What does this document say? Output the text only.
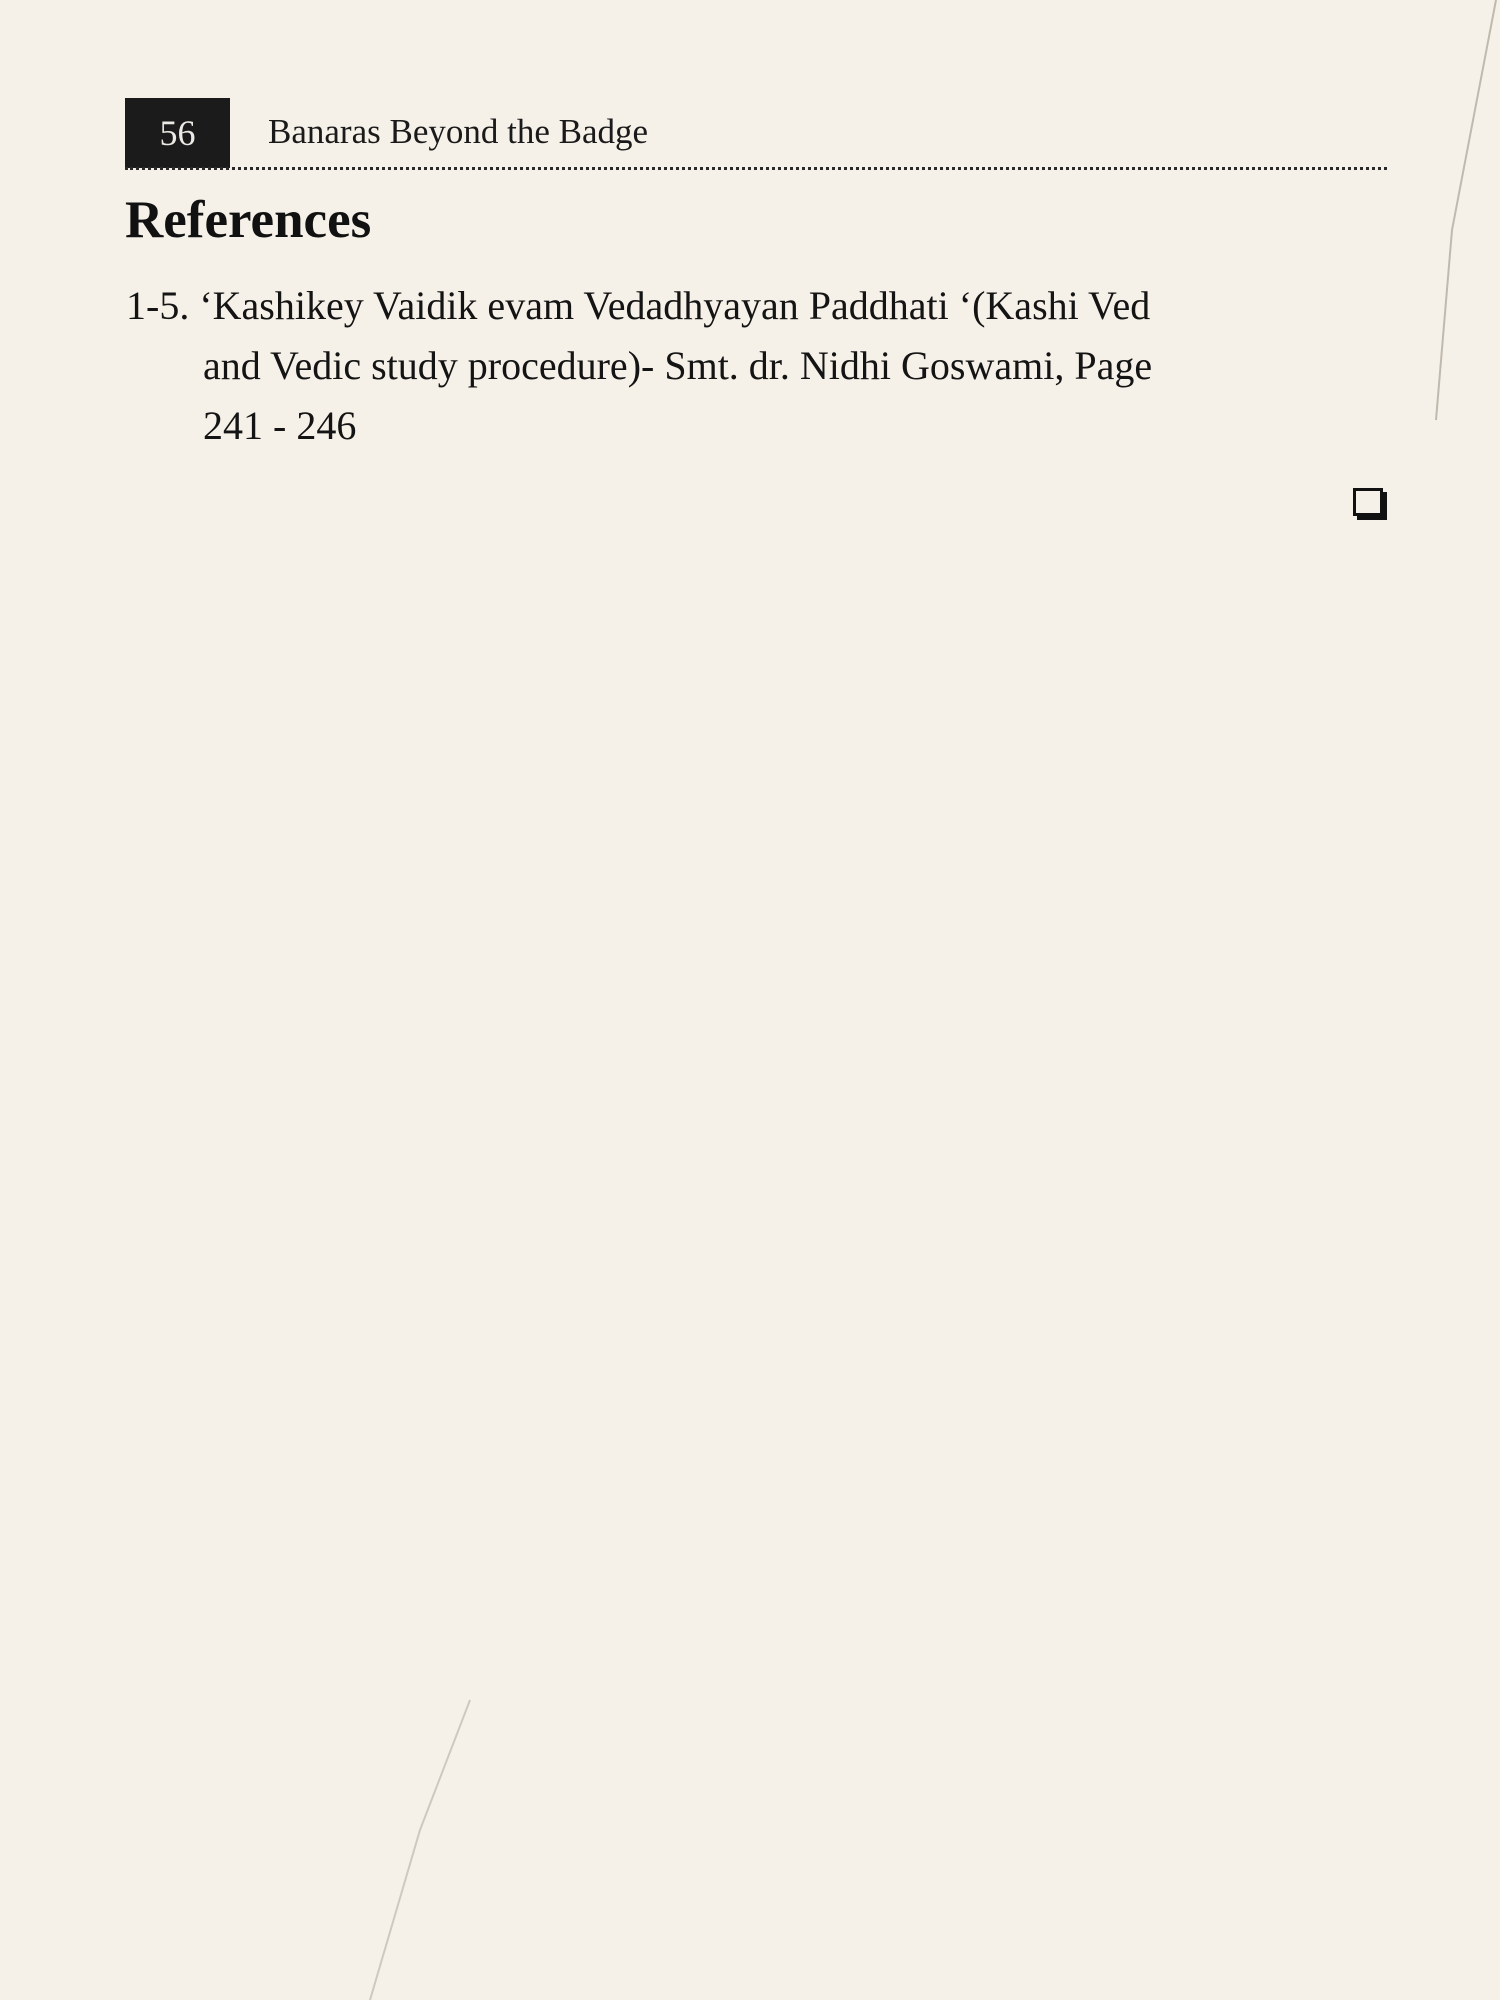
56	Banaras Beyond the Badge
References
1-5. ‘Kashikey Vaidik evam Vedadhyayan Paddhati ‘(Kashi Ved
and Vedic study procedure)- Smt. dr. Nidhi Goswami, Page
241 - 246
